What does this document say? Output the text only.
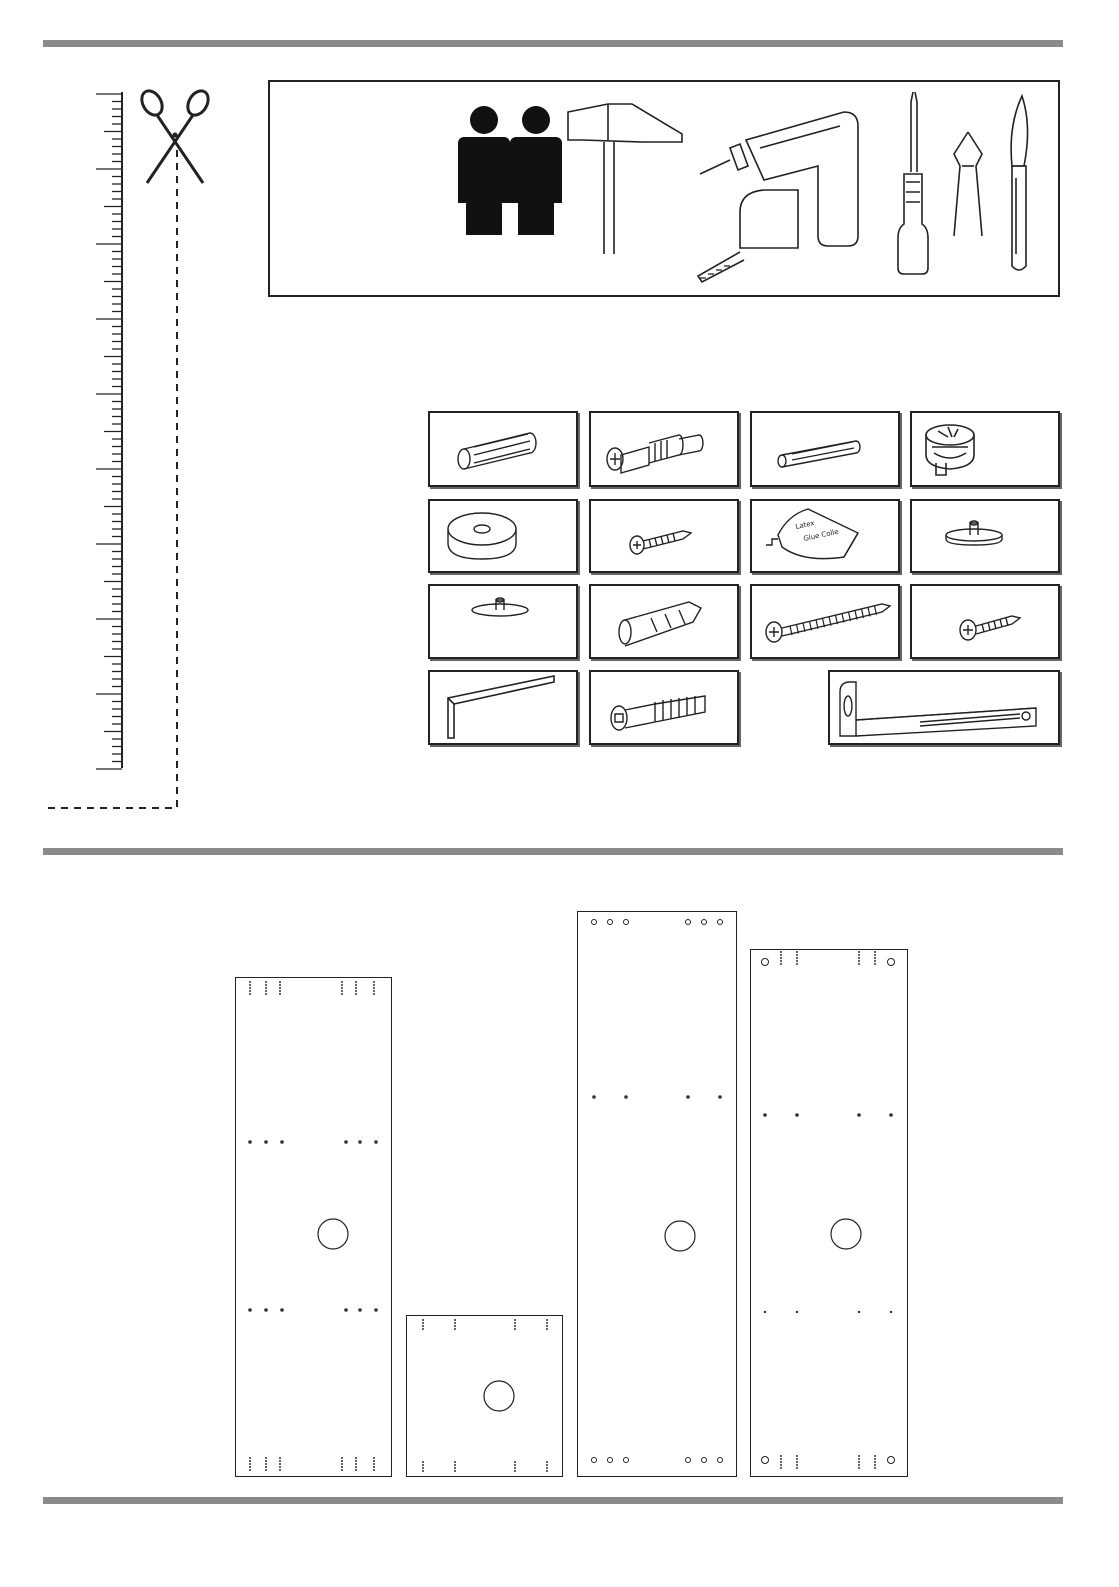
Latex
Glue Colle
